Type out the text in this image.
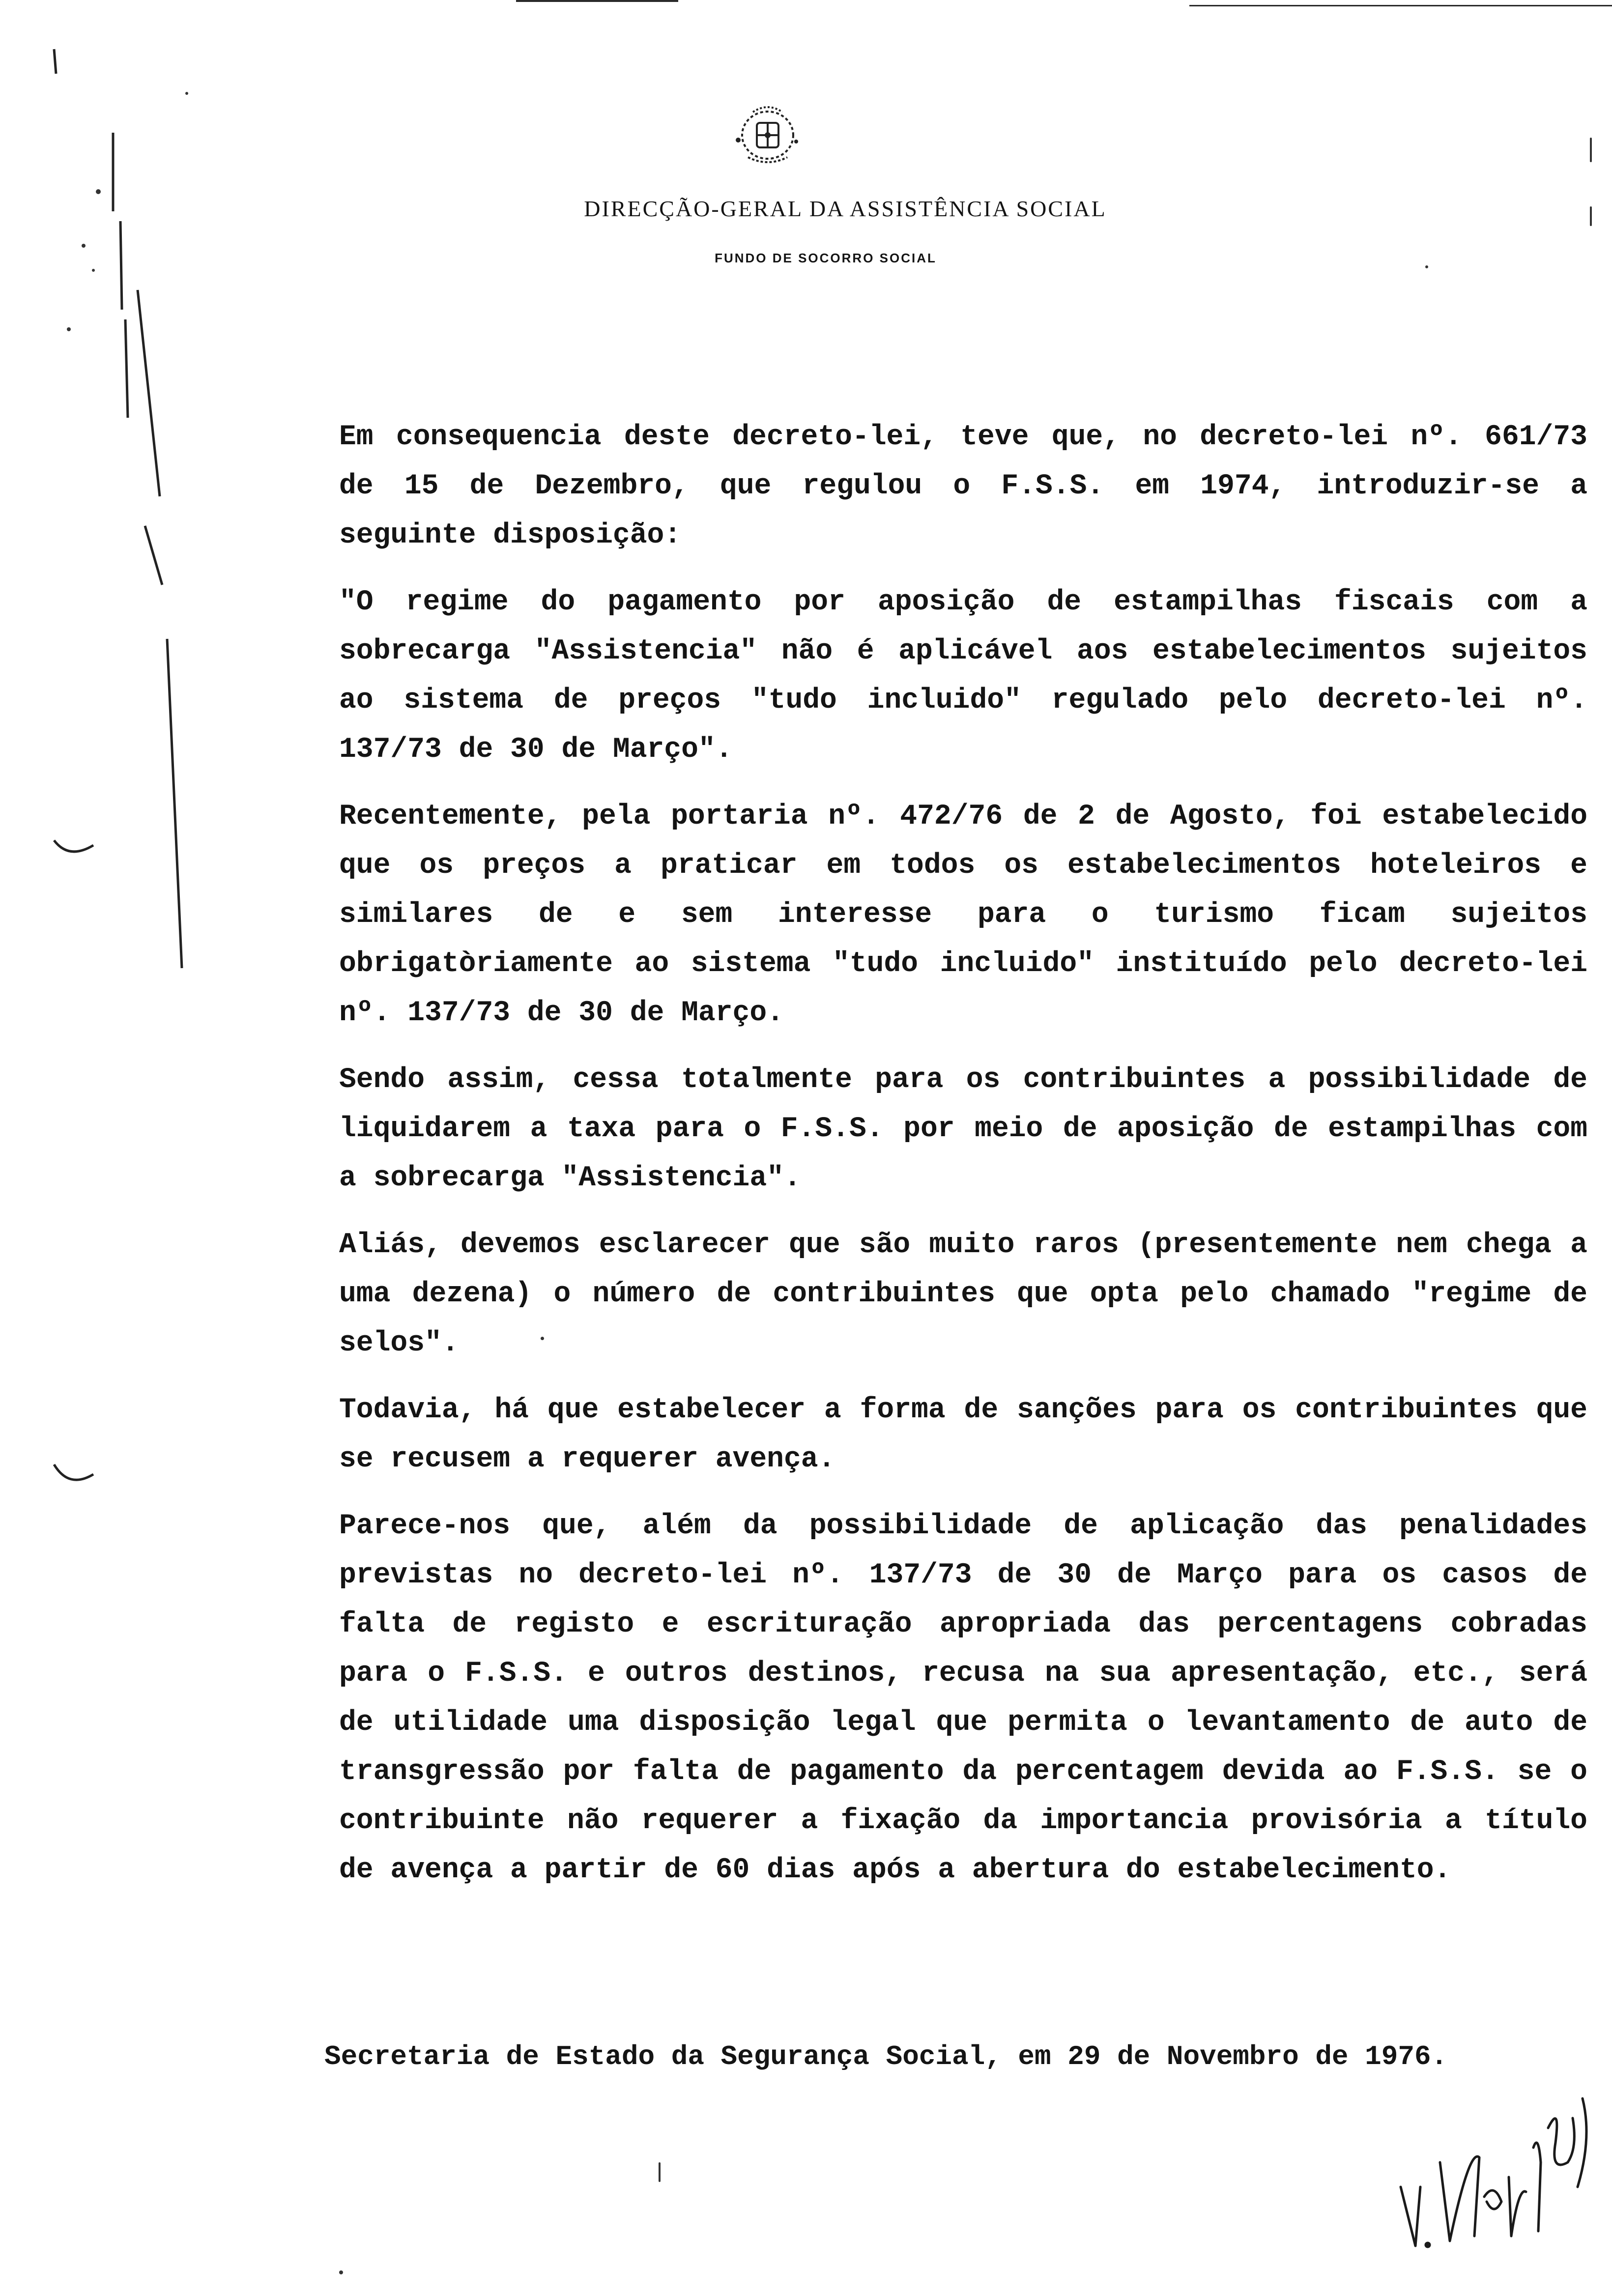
DIRECÇÃO-GERAL DA ASSISTÊNCIA SOCIAL
FUNDO DE SOCORRO SOCIAL

Em consequencia deste decreto-lei, teve que, no decreto-lei nº. 661/73 de 15 de Dezembro, que regulou o F.S.S. em 1974, introduzir-se a seguinte disposição:

"O regime do pagamento por aposição de estampilhas fiscais com a sobrecarga "Assistencia" não é aplicável aos estabelecimentos sujeitos ao sistema de preços "tudo incluido" regulado pelo decreto-lei nº. 137/73 de 30 de Março".

Recentemente, pela portaria nº. 472/76 de 2 de Agosto, foi estabelecido que os preços a praticar em todos os estabelecimentos hoteleiros e similares de e sem interesse para o turismo ficam sujeitos obrigatòriamente ao sistema "tudo incluido" instituído pelo decreto-lei nº. 137/73 de 30 de Março.

Sendo assim, cessa totalmente para os contribuintes a possibilidade de liquidarem a taxa para o F.S.S. por meio de aposição de estampilhas com a sobrecarga "Assistencia".

Aliás, devemos esclarecer que são muito raros (presentemente nem chega a uma dezena) o número de contribuintes que opta pelo chamado "regime de selos".

Todavia, há que estabelecer a forma de sanções para os contribuintes que se recusem a requerer avença.

Parece-nos que, além da possibilidade de aplicação das penalidades previstas no decreto-lei nº. 137/73 de 30 de Março para os casos de falta de registo e escrituração apropriada das percentagens cobradas para o F.S.S. e outros destinos, recusa na sua apresentação, etc., será de utilidade uma disposição legal que permita o levantamento de auto de transgressão por falta de pagamento da percentagem devida ao F.S.S. se o contribuinte não requerer a fixação da importancia provisória a título de avença a partir de 60 dias após a abertura do estabelecimento.

Secretaria de Estado da Segurança Social, em 29 de Novembro de 1976.
